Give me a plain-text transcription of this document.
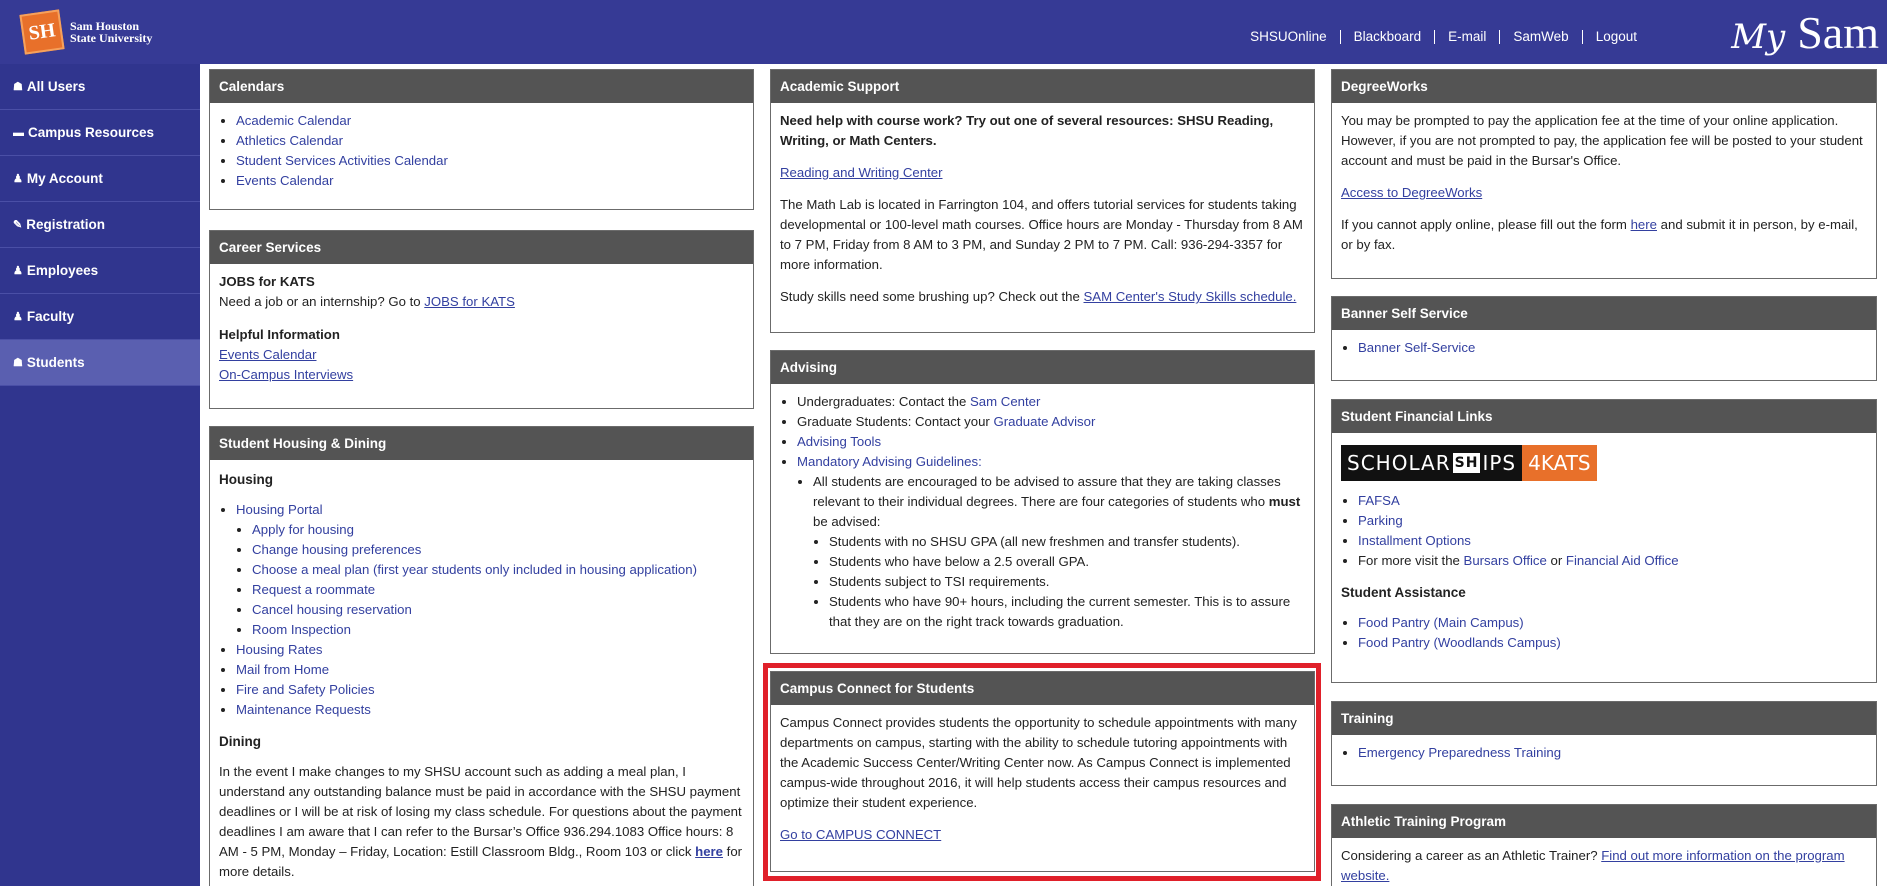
SH	Sam Houston
State University	SHSUOnline	Blackboard	E-mail	SamWeb	Logout	My Sam
☗ All Users
▬ Campus Resources
♟ My Account
✎ Registration
♟ Employees
♟ Faculty
☗ Students
Calendars
• Academic Calendar
• Athletics Calendar
• Student Services Activities Calendar
• Events Calendar
Career Services
JOBS for KATS
Need a job or an internship? Go to JOBS for KATS
Helpful Information
Events Calendar
On-Campus Interviews
Student Housing & Dining
Housing
• Housing Portal
• Apply for housing
• Change housing preferences
• Choose a meal plan (first year students only included in housing application)
• Request a roommate
• Cancel housing reservation
• Room Inspection
• Housing Rates
• Mail from Home
• Fire and Safety Policies
• Maintenance Requests
Dining
In the event I make changes to my SHSU account such as adding a meal plan, I understand any outstanding balance must be paid in accordance with the SHSU payment deadlines or I will be at risk of losing my class schedule. For questions about the payment deadlines I am aware that I can refer to the Bursar’s Office 936.294.1083 Office hours: 8 AM - 5 PM, Monday – Friday, Location: Estill Classroom Bldg., Room 103 or click here for more details.
Academic Support

Need help with course work? Try out one of several resources: SHSU Reading, Writing, or Math Centers.

Reading and Writing Center

The Math Lab is located in Farrington 104, and offers tutorial services for students taking developmental or 100-level math courses. Office hours are Monday - Thursday from 8 AM to 7 PM, Friday from 8 AM to 3 PM, and Sunday 2 PM to 7 PM. Call: 936-294-3357 for more information.

Study skills need some brushing up? Check out the SAM Center's Study Skills schedule.

Advising
• Undergraduates: Contact the Sam Center
• Graduate Students: Contact your Graduate Advisor
• Advising Tools
• Mandatory Advising Guidelines:
• All students are encouraged to be advised to assure that they are taking classes relevant to their individual degrees. There are four categories of students who must be advised:
• Students with no SHSU GPA (all new freshmen and transfer students).
• Students who have below a 2.5 overall GPA.
• Students subject to TSI requirements.
• Students who have 90+ hours, including the current semester. This is to assure that they are on the right track towards graduation.
Campus Connect for Students

Campus Connect provides students the opportunity to schedule appointments with many departments on campus, starting with the ability to schedule tutoring appointments with the Academic Success Center/Writing Center now. As Campus Connect is implemented campus-wide throughout 2016, it will help students access their campus resources and optimize their student experience.

Go to CAMPUS CONNECT

DegreeWorks

You may be prompted to pay the application fee at the time of your online application. However, if you are not prompted to pay, the application fee will be posted to your student account and must be paid in the Bursar's Office.

Access to DegreeWorks

If you cannot apply online, please fill out the form here and submit it in person, by e-mail, or by fax.

Banner Self Service
• Banner Self-Service
Student Financial Links
SCHOLAR SH IPS 4KATS
• FAFSA
• Parking
• Installment Options
• For more visit the Bursars Office or Financial Aid Office
Student Assistance
• Food Pantry (Main Campus)
• Food Pantry (Woodlands Campus)
Training
• Emergency Preparedness Training
Athletic Training Program
Considering a career as an Athletic Trainer? Find out more information on the program website.
